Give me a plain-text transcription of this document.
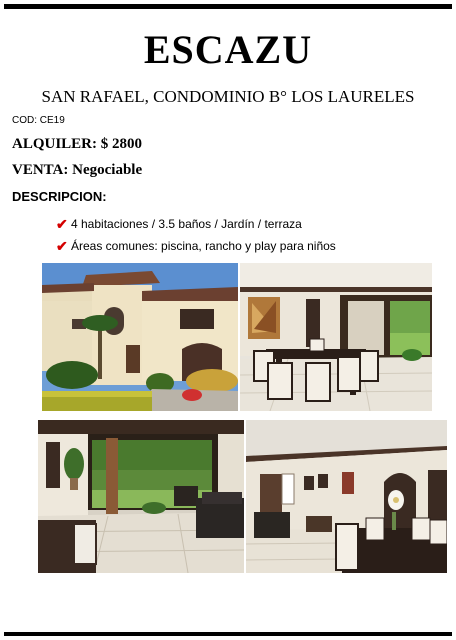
ESCAZU
SAN RAFAEL, CONDOMINIO B° LOS LAURELES
COD: CE19
ALQUILER: $ 2800
VENTA: Negociable
DESCRIPCION:
✔ 4 habitaciones / 3.5 baños / Jardín / terraza
✔ Áreas comunes: piscina, rancho y play para niños
